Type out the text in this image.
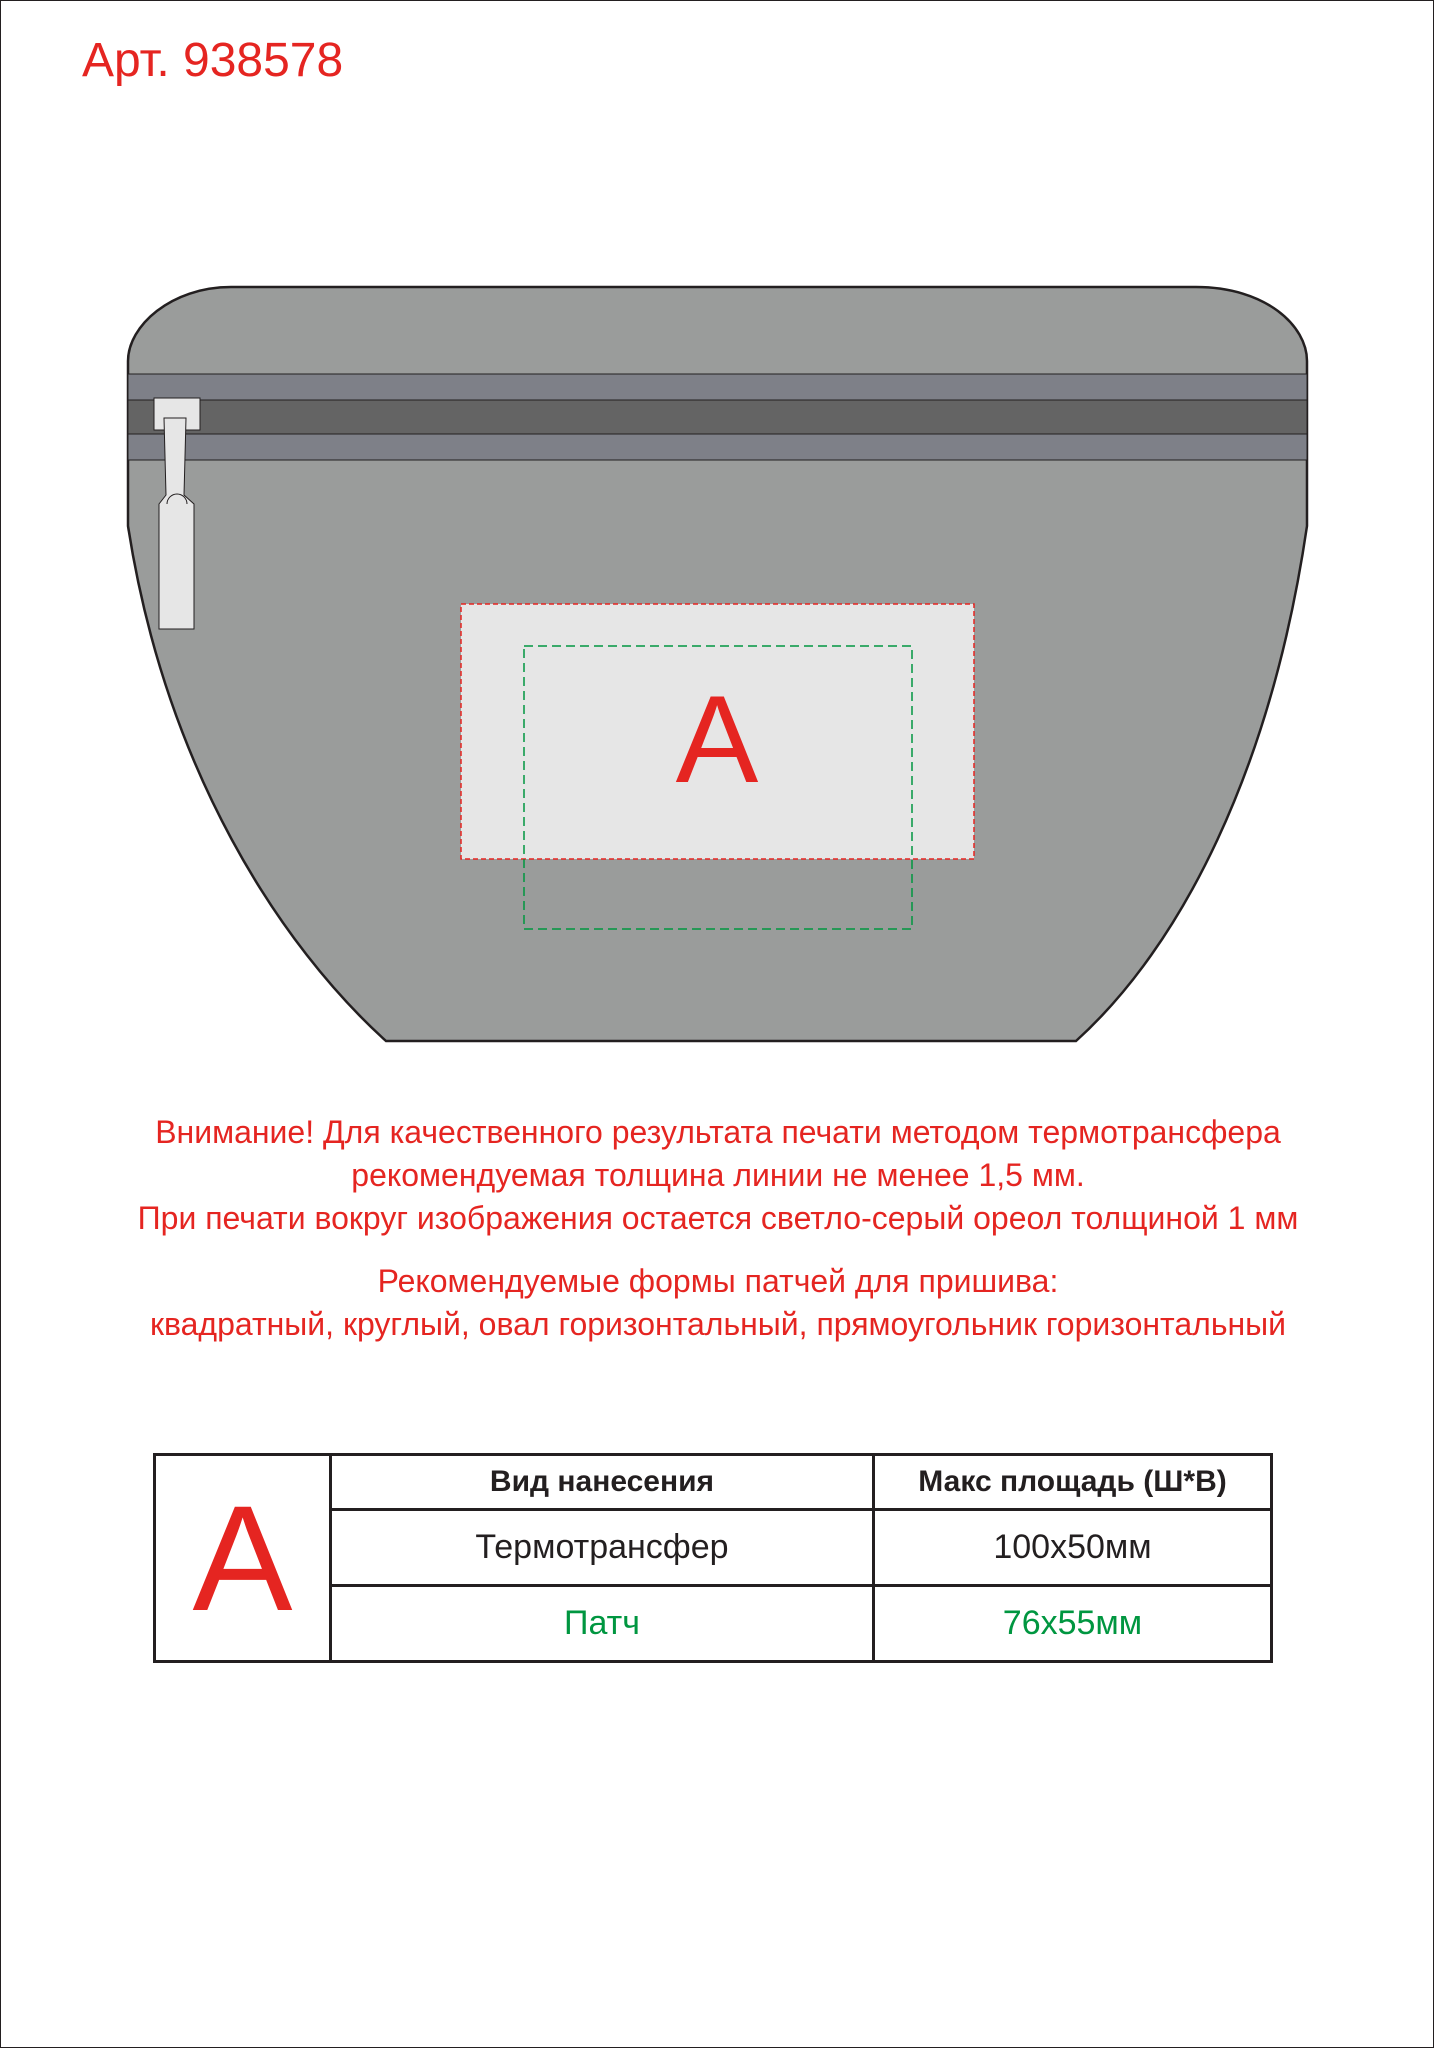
Арт. 938578
A

Внимание! Для качественного результата печати методом термотрансфера

рекомендуемая толщина линии не менее 1,5 мм.

При печати вокруг изображения остается светло-серый ореол толщиной 1 мм

Рекомендуемые формы патчей для пришива:

квадратный, круглый, овал горизонтальный, прямоугольник горизонтальный

A	Вид нанесения	Макс площадь (Ш*В)
	Термотрансфер	100x50мм
	Патч	76x55мм
